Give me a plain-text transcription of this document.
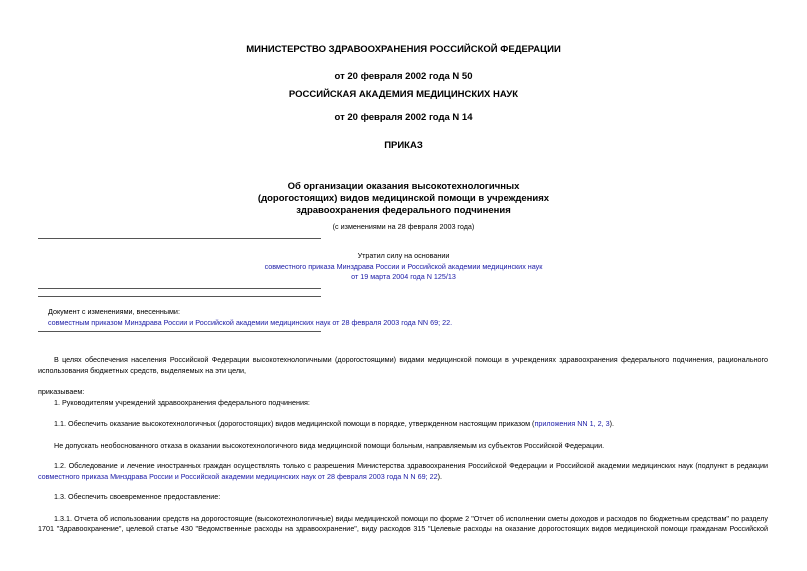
МИНИСТЕРСТВО ЗДРАВООХРАНЕНИЯ РОССИЙСКОЙ ФЕДЕРАЦИИ
от 20 февраля 2002 года N 50
РОССИЙСКАЯ АКАДЕМИЯ МЕДИЦИНСКИХ НАУК
от 20 февраля 2002 года N 14
ПРИКАЗ
Об организации оказания высокотехнологичных
(дорогостоящих) видов медицинской помощи в учреждениях
здравоохранения федерального подчинения
(с изменениями на 28 февраля 2003 года)
Утратил силу на основании
совместного приказа Минздрава России и Российской академии медицинских наук
от 19 марта 2004 года N 125/13
Документ с изменениями, внесенными:
совместным приказом Минздрава России и Российской академии медицинских наук от 28 февраля 2003 года NN 69; 22.
В целях обеспечения населения Российской Федерации высокотехнологичными (дорогостоящими) видами медицинской помощи в учреждениях здравоохранения федерального подчинения, рационального использования бюджетных средств, выделяемых на эти цели,
приказываем:
1. Руководителям учреждений здравоохранения федерального подчинения:
1.1. Обеспечить оказание высокотехнологичных (дорогостоящих) видов медицинской помощи в порядке, утвержденном настоящим приказом (приложения NN 1, 2, 3).
Не допускать необоснованного отказа в оказании высокотехнологичного вида медицинской помощи больным, направляемым из субъектов Российской Федерации.
1.2. Обследование и лечение иностранных граждан осуществлять только с разрешения Министерства здравоохранения Российской Федерации и Российской академии медицинских наук (подпункт в редакции совместного приказа Минздрава России и Российской академии медицинских наук от 28 февраля 2003 года N N 69; 22).
1.3. Обеспечить своевременное предоставление:
1.3.1. Отчета об использовании средств на дорогостоящие (высокотехнологичные) виды медицинской помощи по форме 2 "Отчет об исполнении сметы доходов и расходов по бюджетным средствам" по разделу
1701 "Здравоохранение", целевой статье 430 "Ведомственные расходы на здравоохранение", виду расходов 315 "Целевые расходы на оказание дорогостоящих видов медицинской помощи гражданам Российской
